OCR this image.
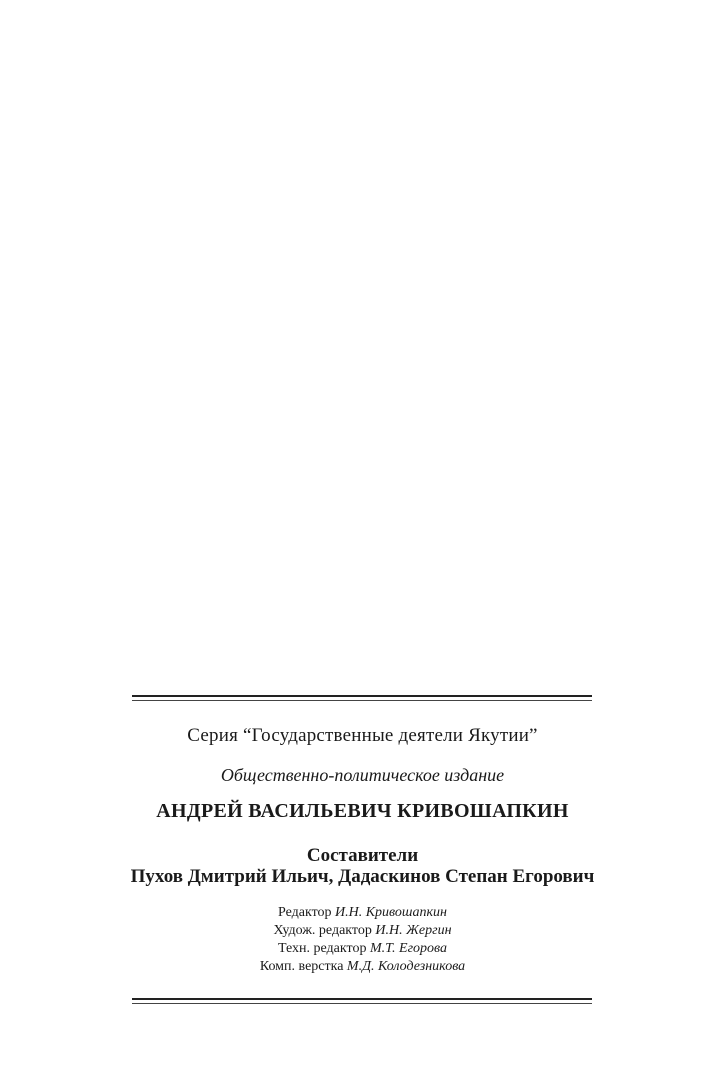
Серия “Государственные деятели Якутии”
Общественно-политическое издание
АНДРЕЙ ВАСИЛЬЕВИЧ КРИВОШАПКИН
Составители
Пухов Дмитрий Ильич, Дадаскинов Степан Егорович
Редактор И.Н. Кривошапкин
Худож. редактор И.Н. Жергин
Техн. редактор М.Т. Егорова
Комп. верстка М.Д. Колодезникова
